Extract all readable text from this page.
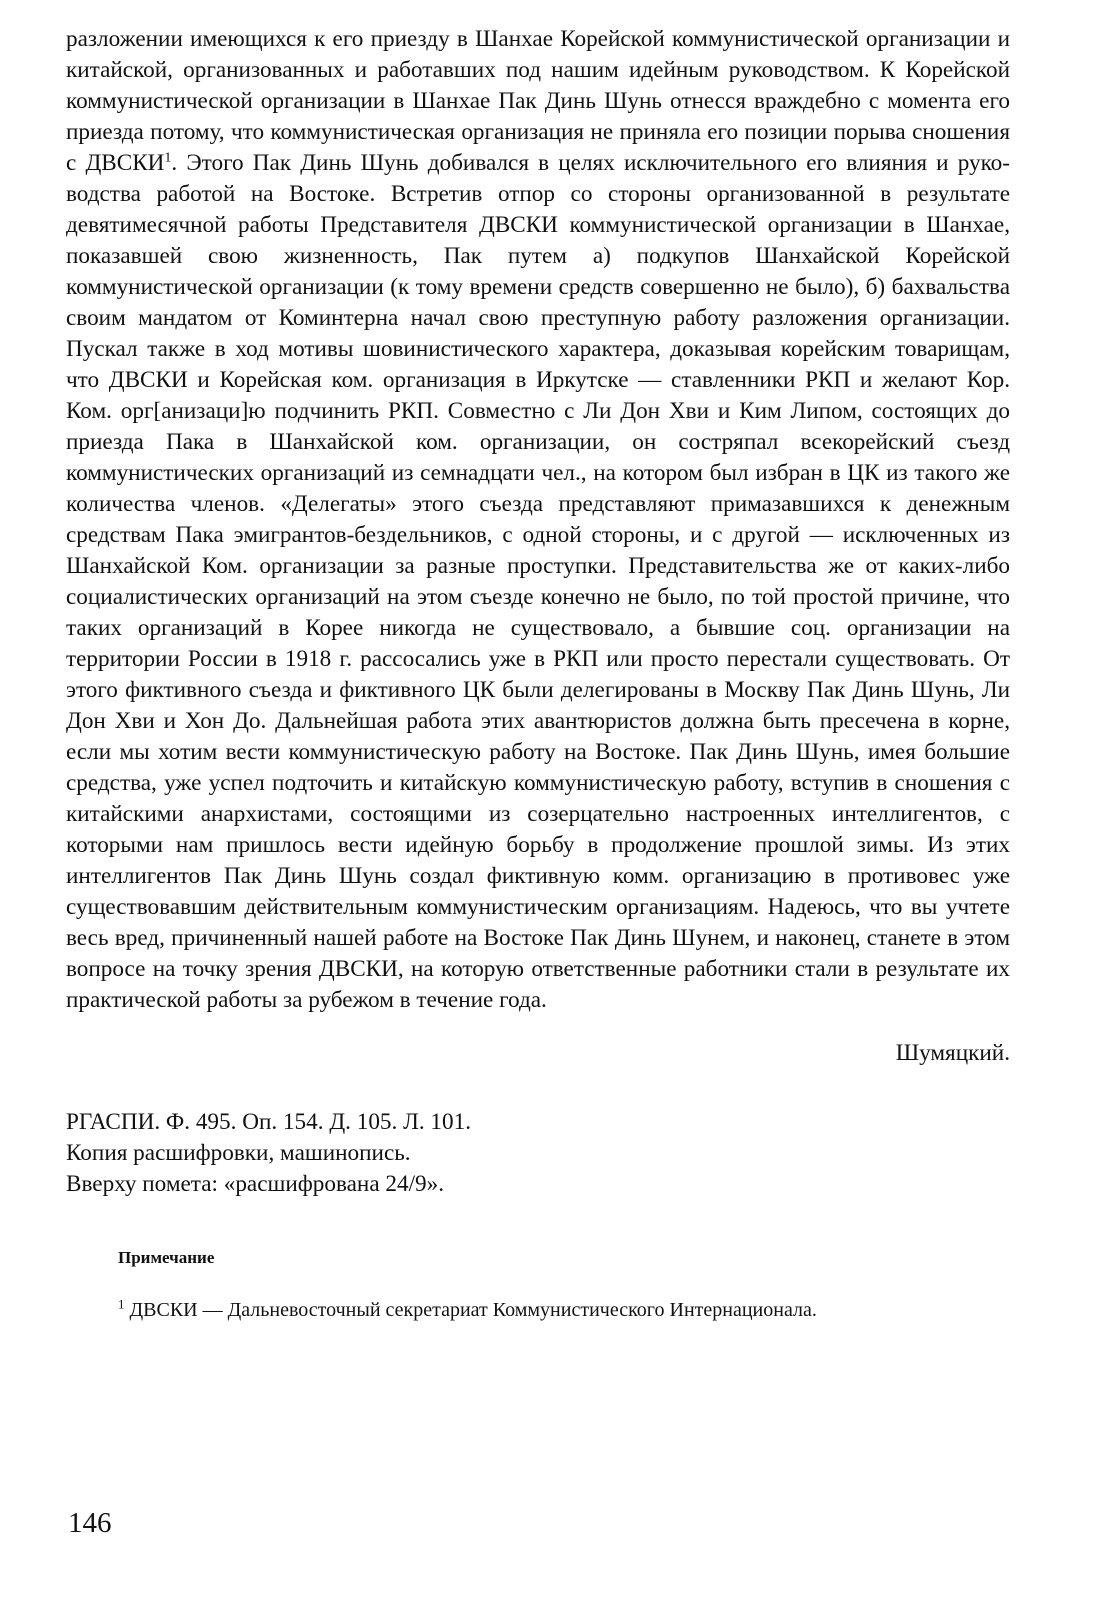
разложении имеющихся к его приезду в Шанхае Корейской коммунистической организации и китайской, организованных и работавших под нашим идейным руководством. К Корейской коммунистической организации в Шанхае Пак Динь Шунь отнесся враждебно с момента его приезда потому, что коммунистическая организация не приняла его позиции порыва сношения с ДВСКИ$^1$. Этого Пак Динь Шунь добивался в целях исключительного его влияния и руководства работой на Востоке. Встретив отпор со стороны организованной в результате девятимесячной работы Представителя ДВСКИ коммунистической организации в Шанхае, показавшей свою жизненность, Пак путем а) подкупов Шанхайской Корейской коммунистической организации (к тому времени средств совершенно не было), б) бахвальства своим мандатом от Коминтерна начал свою преступную работу разложения организации. Пускал также в ход мотивы шовинистического характера, доказывая корейским товарищам, что ДВСКИ и Корейская ком. организация в Иркутске — ставленники РКП и желают Кор. Ком. орг[анизаци]ю подчинить РКП. Совместно с Ли Дон Хви и Ким Липом, состоящих до приезда Пака в Шанхайской ком. организации, он состряпал всекорейский съезд коммунистических организаций из семнадцати чел., на котором был избран в ЦК из такого же количества членов. «Делегаты» этого съезда представляют примазавшихся к денежным средствам Пака эмигрантов-бездельников, с одной стороны, и с другой — исключенных из Шанхайской Ком. организации за разные проступки. Представительства же от каких-либо социалистических организаций на этом съезде конечно не было, по той простой причине, что таких организаций в Корее никогда не существовало, а бывшие соц. организации на территории России в 1918 г. рассосались уже в РКП или просто перестали существовать. От этого фиктивного съезда и фиктивного ЦК были делегированы в Москву Пак Динь Шунь, Ли Дон Хви и Хон До. Дальнейшая работа этих авантюристов должна быть пресечена в корне, если мы хотим вести коммунистическую работу на Востоке. Пак Динь Шунь, имея большие средства, уже успел подточить и китайскую коммунистическую работу, вступив в сношения с китайскими анархистами, состоящими из созерцательно настроенных интеллигентов, с которыми нам пришлось вести идейную борьбу в продолжение прошлой зимы. Из этих интеллигентов Пак Динь Шунь создал фиктивную комм. организацию в противовес уже существовавшим действительным коммунистическим организациям. Надеюсь, что вы учтете весь вред, причиненный нашей работе на Востоке Пак Динь Шунем, и наконец, станете в этом вопросе на точку зрения ДВСКИ, на которую ответственные работники стали в результате их практической работы за рубежом в течение года.

Шумяцкий.

РГАСПИ. Ф. 495. Оп. 154. Д. 105. Л. 101.
Копия расшифровки, машинопись.
Вверху помета: «расшифрована 24/9».
Примечание
$^1$ ДВСКИ — Дальневосточный секретариат Коммунистического Интернационала.
146
